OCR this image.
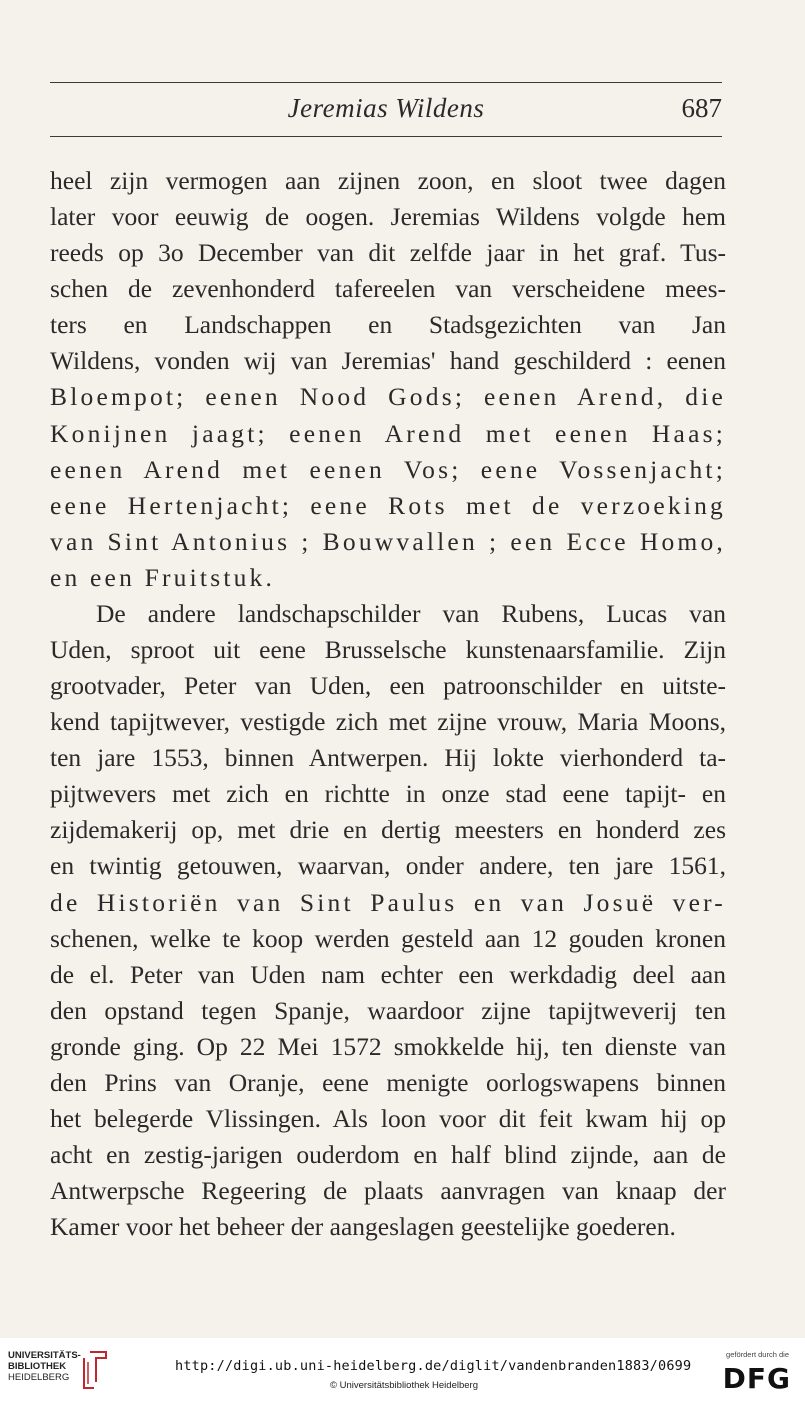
Jeremias Wildens	687
heel zijn vermogen aan zijnen zoon, en sloot twee dagen
later voor eeuwig de oogen. Jeremias Wildens volgde hem
reeds op 3o December van dit zelfde jaar in het graf. Tus-
schen de zevenhonderd tafereelen van verscheidene mees-
ters en Landschappen en Stadsgezichten van Jan
Wildens, vonden wij van Jeremias' hand geschilderd : eenen
Bloempot; eenen Nood Gods; eenen Arend, die
Konijnen jaagt; eenen Arend met eenen Haas;
eenen Arend met eenen Vos; eene Vossenjacht;
eene Hertenjacht; eene Rots met de verzoeking
van Sint Antonius ; Bouwvallen ; een Ecce Homo,
en een Fruitstuk.
De andere landschapschilder van Rubens, Lucas van
Uden, sproot uit eene Brusselsche kunstenaarsfamilie. Zijn
grootvader, Peter van Uden, een patroonschilder en uitste-
kend tapijtwever, vestigde zich met zijne vrouw, Maria Moons,
ten jare 1553, binnen Antwerpen. Hij lokte vierhonderd ta-
pijtwevers met zich en richtte in onze stad eene tapijt- en
zijdemakerij op, met drie en dertig meesters en honderd zes
en twintig getouwen, waarvan, onder andere, ten jare 1561,
de Historiën van Sint Paulus en van Josuë ver-
schenen, welke te koop werden gesteld aan 12 gouden kronen
de el. Peter van Uden nam echter een werkdadig deel aan
den opstand tegen Spanje, waardoor zijne tapijtweverij ten
gronde ging. Op 22 Mei 1572 smokkelde hij, ten dienste van
den Prins van Oranje, eene menigte oorlogswapens binnen
het belegerde Vlissingen. Als loon voor dit feit kwam hij op
acht en zestig-jarigen ouderdom en half blind zijnde, aan de
Antwerpsche Regeering de plaats aanvragen van knaap der
Kamer voor het beheer der aangeslagen geestelijke goederen.
UNIVERSITÄTS-
BIBLIOTHEK
HEIDELBERG
http://digi.ub.uni-heidelberg.de/diglit/vandenbranden1883/0699
© Universitätsbibliothek Heidelberg
gefördert durch die
DFG
